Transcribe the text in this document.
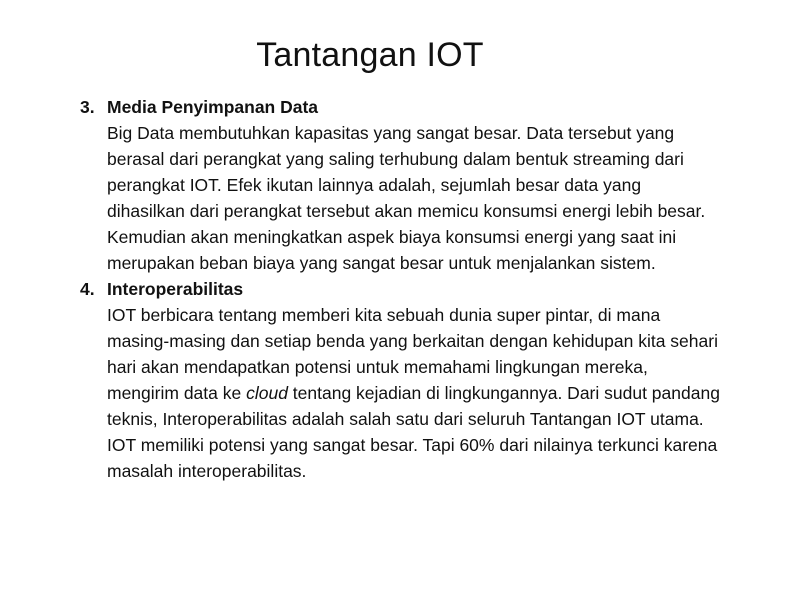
Tantangan IOT
3. Media Penyimpanan Data

Big Data membutuhkan kapasitas yang sangat besar. Data tersebut yang berasal dari perangkat yang saling terhubung dalam bentuk streaming dari perangkat IOT. Efek ikutan lainnya adalah, sejumlah besar data yang dihasilkan dari perangkat tersebut akan memicu konsumsi energi lebih besar. Kemudian akan meningkatkan aspek biaya konsumsi energi yang saat ini merupakan beban biaya yang sangat besar untuk menjalankan sistem.

4. Interoperabilitas

IOT berbicara tentang memberi kita sebuah dunia super pintar, di mana masing-masing dan setiap benda yang berkaitan dengan kehidupan kita sehari hari akan mendapatkan potensi untuk memahami lingkungan mereka, mengirim data ke cloud tentang kejadian di lingkungannya. Dari sudut pandang teknis, Interoperabilitas adalah salah satu dari seluruh Tantangan IOT utama. IOT memiliki potensi yang sangat besar. Tapi 60% dari nilainya terkunci karena masalah interoperabilitas.
